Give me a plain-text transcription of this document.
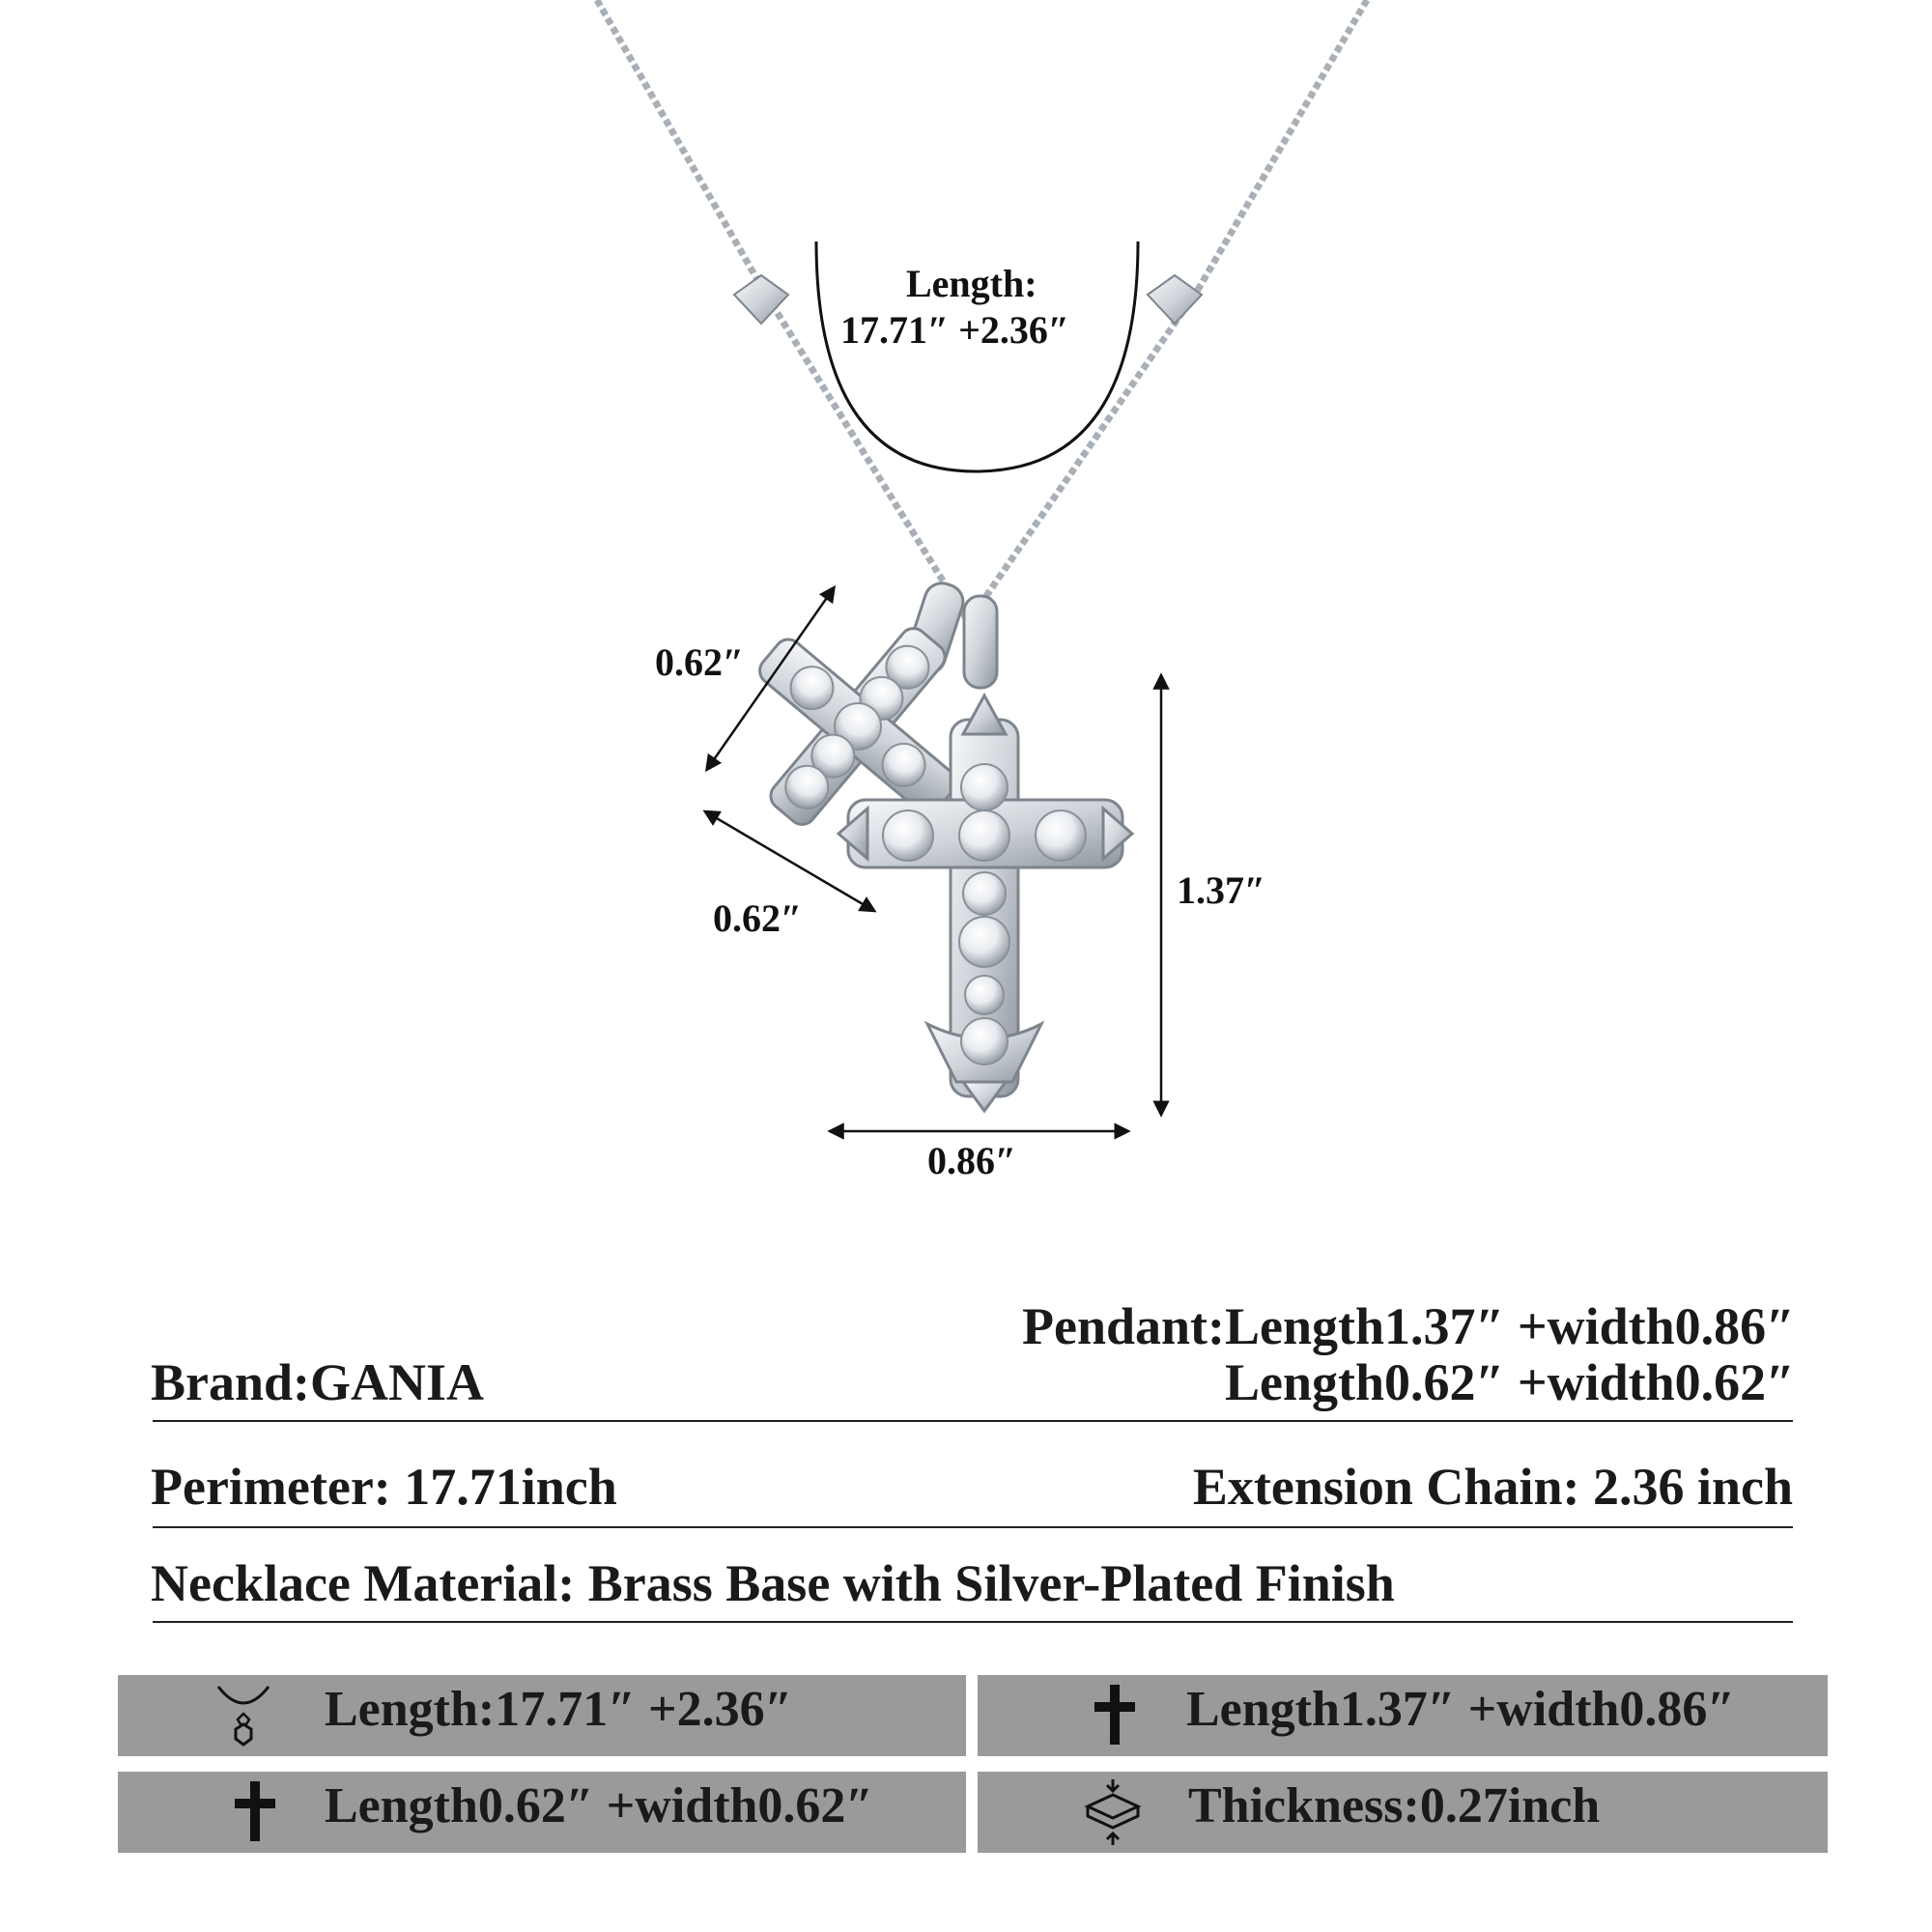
Length:
17.71″ +2.36″
0.62″
0.62″
1.37″
0.86″
Pendant:Length1.37″ +width0.86″
Brand:GANIA	Length0.62″ +width0.62″
Perimeter: 17.71inch	Extension Chain: 2.36 inch
Necklace Material: Brass Base with Silver-Plated Finish
Length:17.71″ +2.36″	Length1.37″ +width0.86″
Length0.62″ +width0.62″	Thickness:0.27inch
